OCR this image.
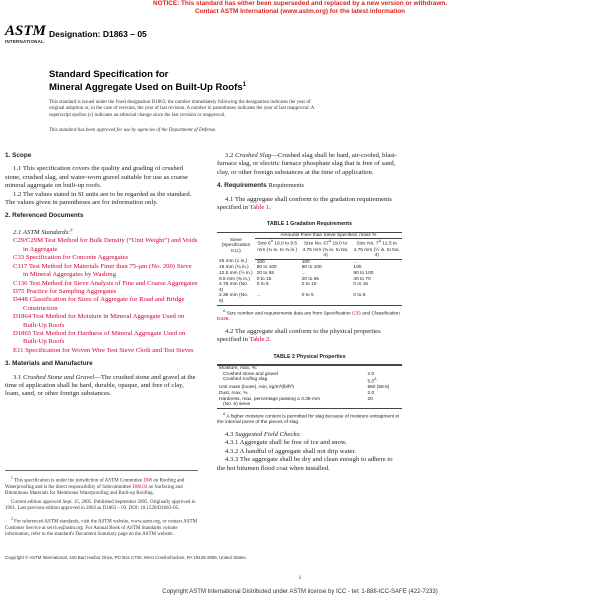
NOTICE: This standard has either been superseded and replaced by a new version or withdrawn.
Contact ASTM International (www.astm.org) for the latest information
ASTM
INTERNATIONAL
Designation: D1863 – 05
Standard Specification for
Mineral Aggregate Used on Built-Up Roofs$^1$

This standard is issued under the fixed designation D1863; the number immediately following the designation indicates the year of

original adoption or, in the case of revision, the year of last revision. A number in parentheses indicates the year of last reapproval. A

superscript epsilon (ε) indicates an editorial change since the last revision or reapproval.

This standard has been approved for use by agencies of the Department of Defense.

1. Scope

1.1 This specification covers the quality and grading of crushed stone, crushed slag, and water-worn gravel suitable for use as coarse mineral aggregate on built-up roofs.

1.2 The values stated in SI units are to be regarded as the standard. The values given in parentheses are for information only.

2. Referenced Documents

2.1 ASTM Standards:$^2$

C29/C29M Test Method for Bulk Density (“Unit Weight”) and Voids in Aggregate

C33 Specification for Concrete Aggregates

C117 Test Method for Materials Finer than 75-µm (No. 200) Sieve in Mineral Aggregates by Washing

C136 Test Method for Sieve Analysis of Fine and Coarse Aggregates

D75 Practice for Sampling Aggregates

D448 Classification for Sizes of Aggregate for Road and Bridge Construction

D1864 Test Method for Moisture in Mineral Aggregate Used on Built-Up Roofs

D1865 Test Method for Hardness of Mineral Aggregate Used on Built-Up Roofs

E11 Specification for Woven Wire Test Sieve Cloth and Test Sieves

3. Materials and Manufacture

3.1 Crushed Stone and Gravel—The crushed stone and gravel at the time of application shall be hard, durable, opaque, and free of clay, loam, sand, or other foreign substances.

$^1$ This specification is under the jurisdiction of ASTM Committee D08 on Roofing and Waterproofing and is the direct responsibility of Subcommittee D08.03 on Surfacing and Bituminous Materials for Membrane Waterproofing and Built-up Roofing.

Current edition approved Sept. 15, 2005. Published September 2005. Originally approved in 1961. Last previous edition approved in 2003 as D1863 – 03. DOI: 10.1520/D1863-05.

$^2$ For referenced ASTM standards, visit the ASTM website, www.astm.org, or contact ASTM Customer Service at service@astm.org. For Annual Book of ASTM Standards volume information, refer to the standard's Document Summary page on the ASTM website.

3.2 Crushed Slag—Crushed slag shall be hard, air-cooled, blast-furnace slag, or electric furnace phosphate slag that is free of sand, clay, or other foreign substances at the time of application.

4. Requirements Requirements

4.1 The aggregate shall conform to the gradation requirements specified in Table 1.

TABLE 1 Gradation Requirements
Sieve
(Specification E11)	Amounts Finer than Sieve Specified, mass %		
	Size $6^A$ 19.0 to 9.5 mm (¾ in. to ⅜ in.)	Size No. $67^A$ 19.0 to 4.75 mm (¾ in. to No. 4)	Size No. $7^A$ 12.5 to 4.75 mm (½ in. to No. 4)
25 mm (1 in.)	100	100	...
19 mm (¾ in.)	90 to 100	90 to 100	100
12.5 mm (½ in.)	20 to 55	...	90 to 100
9.5 mm (⅜ in.)	0 to 15	20 to 55	40 to 70
4.75 mm (No. 4)	0 to 5	0 to 10	0 to 15
2.36 mm (No. 8)	...	0 to 5	0 to 5

$^A$ Size number and requirements data are from Specification C33 and Classification D448.

4.2 The aggregate shall conform to the physical properties specified in Table 2.

TABLE 2 Physical Properties

Moisture, max, %:	
Crushed stone and gravel	2.0
Crushed roofing slag	$5.0^A$
Unit mass (loose), min, kg/m³(lb/ft³)	960 (59.9)
Dust, max, %	2.0
Hardness, max, percentage passing a 3.35-mm	20
(No. 6) sieve	

$^A$ A higher moisture content is permitted for slag because of moisture entrapment in the internal pores of the pieces of slag.

4.3 Suggested Field Checks:

4.3.1 Aggregate shall be free of ice and snow.

4.3.2 A handful of aggregate shall not drip water.

4.3.3 The aggregate shall be dry and clean enough to adhere to the hot bitumen flood coat when installed.

Copyright © ASTM International, 100 Barr Harbor Drive, PO Box C700, West Conshohocken, PA 19428-2959, United States.
1
Copyright ASTM International Distributed under ASTM license by ICC - tel: 1-888-ICC-SAFE (422-7233)
